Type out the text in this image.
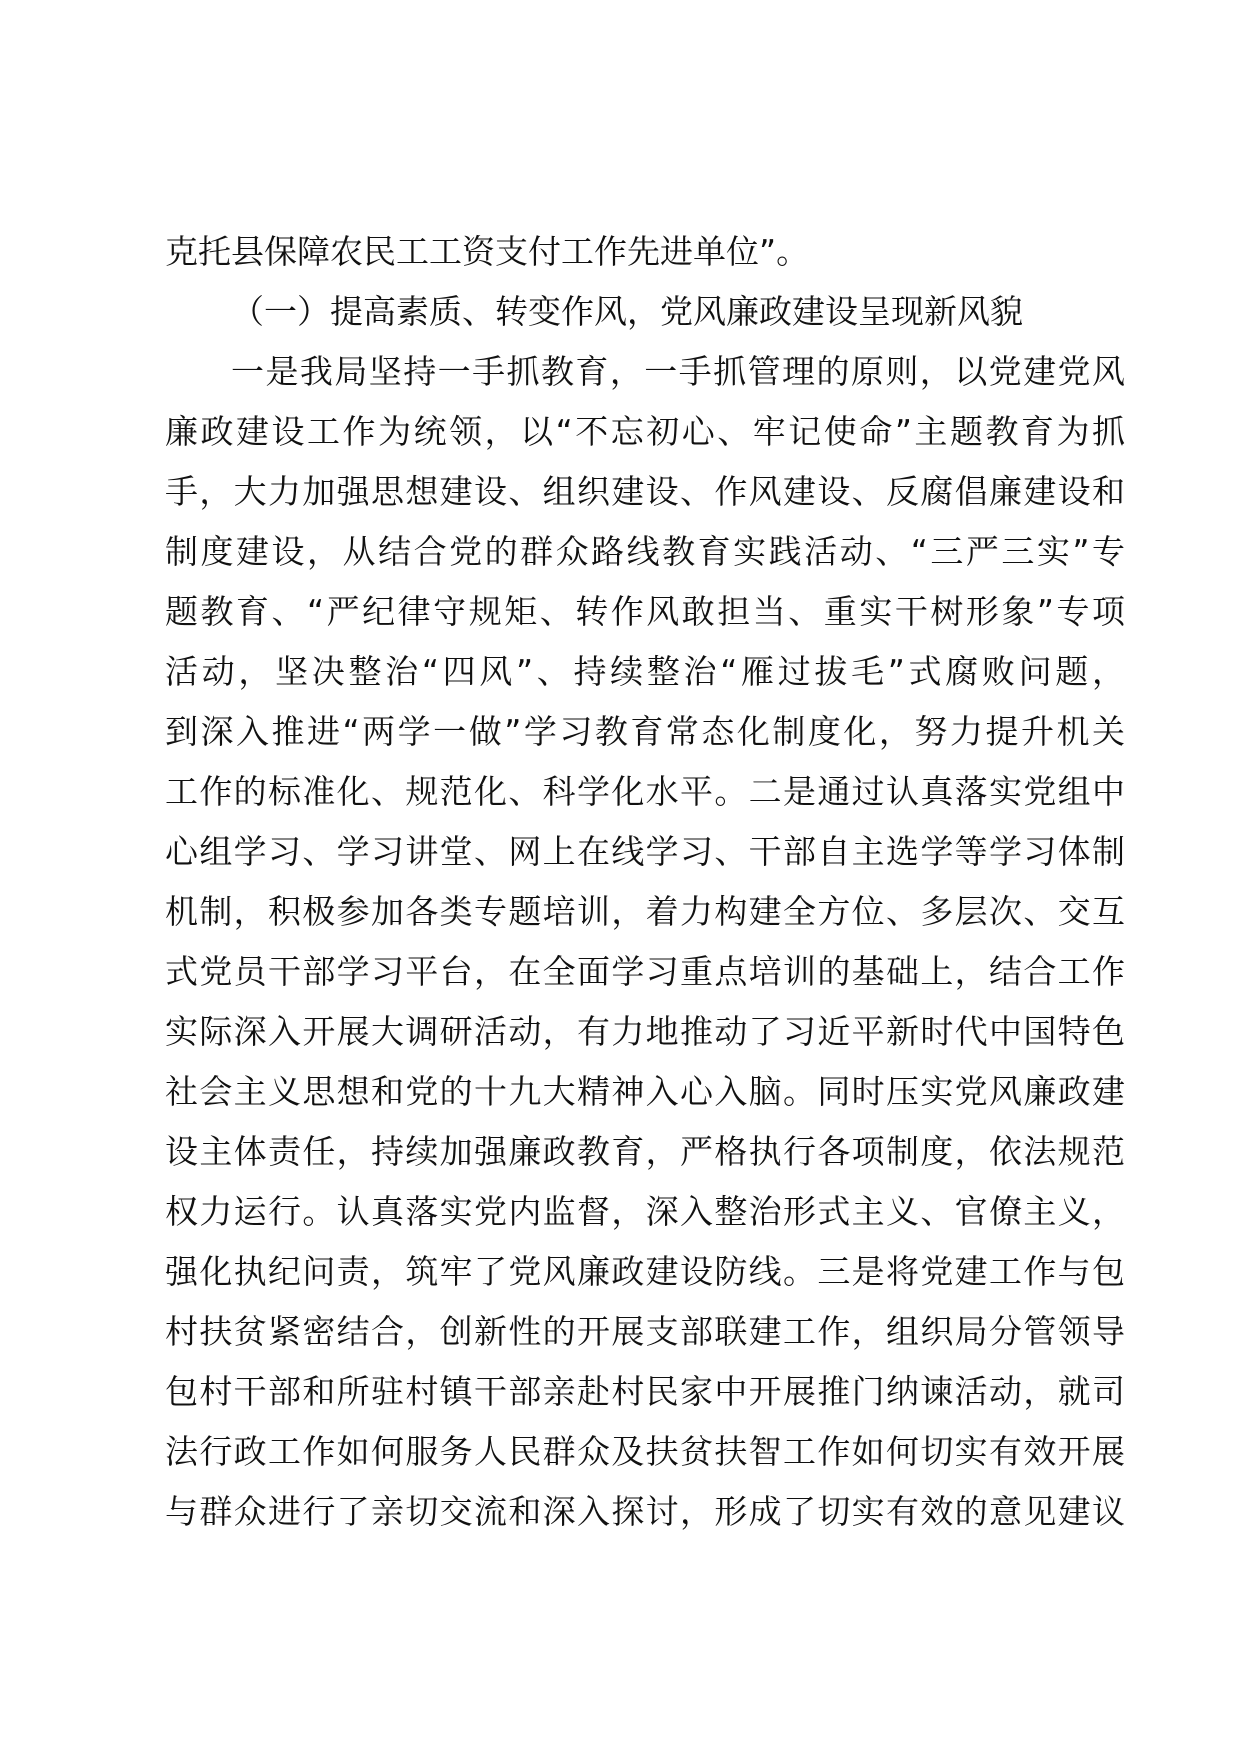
克托县保障农民工工资支付工作先进单位”。
（一）提高素质、转变作风，党风廉政建设呈现新风貌
一是我局坚持一手抓教育，一手抓管理的原则，以党建党风
廉政建设工作为统领，以“不忘初心、牢记使命”主题教育为抓
手，大力加强思想建设、组织建设、作风建设、反腐倡廉建设和
制度建设，从结合党的群众路线教育实践活动、“三严三实”专
题教育、“严纪律守规矩、转作风敢担当、重实干树形象”专项
活动，坚决整治“四风”、持续整治“雁过拔毛”式腐败问题，
到深入推进“两学一做”学习教育常态化制度化，努力提升机关
工作的标准化、规范化、科学化水平。二是通过认真落实党组中
心组学习、学习讲堂、网上在线学习、干部自主选学等学习体制
机制，积极参加各类专题培训，着力构建全方位、多层次、交互
式党员干部学习平台，在全面学习重点培训的基础上，结合工作
实际深入开展大调研活动，有力地推动了习近平新时代中国特色
社会主义思想和党的十九大精神入心入脑。同时压实党风廉政建
设主体责任，持续加强廉政教育，严格执行各项制度，依法规范
权力运行。认真落实党内监督，深入整治形式主义、官僚主义，
强化执纪问责，筑牢了党风廉政建设防线。三是将党建工作与包
村扶贫紧密结合，创新性的开展支部联建工作，组织局分管领导
包村干部和所驻村镇干部亲赴村民家中开展推门纳谏活动，就司
法行政工作如何服务人民群众及扶贫扶智工作如何切实有效开展
与群众进行了亲切交流和深入探讨，形成了切实有效的意见建议
